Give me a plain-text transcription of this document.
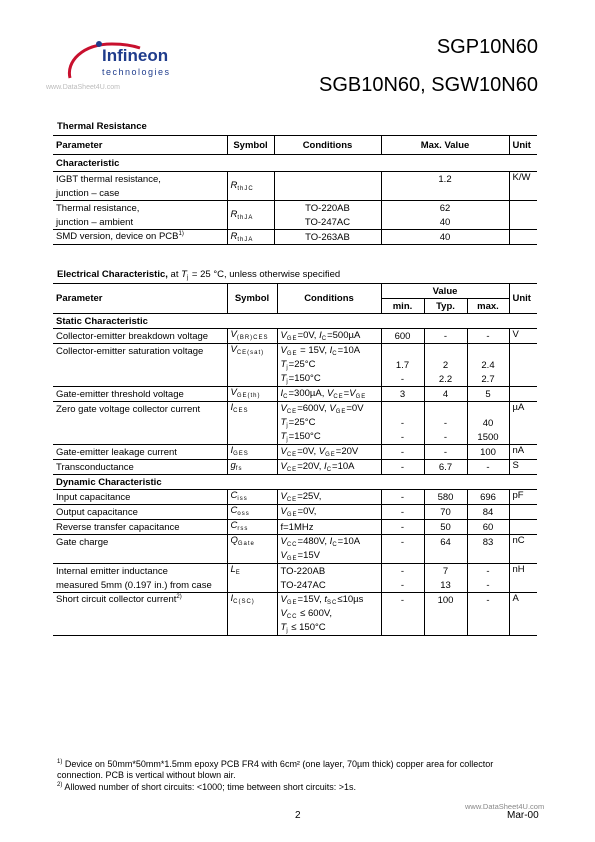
Infineon
technologies
www.DataSheet4U.com
SGP10N60
SGB10N60, SGW10N60
Thermal Resistance
Parameter	Symbol	Conditions	Max. Value	Unit
Characteristic				
IGBT thermal resistance,	$R_{thJC}$		1.2	K/W
junction – case				
Thermal resistance,	$R_{thJA}$	TO-220AB	62	
junction – ambient		TO-247AC	40	
SMD version, device on PCB$^{1)}$	$R_{thJA}$	TO-263AB	40	
Electrical Characteristic, at $T_j = 25$ °C, unless otherwise specified
Parameter	Symbol	Conditions	Value			Unit
			min.	Typ.	max.	
Static Characteristic						
Collector-emitter breakdown voltage	$V_{(BR)CES}$	$V_{GE}=0V$, $I_C=500\mu A$	600	-	-	V
Collector-emitter saturation voltage	$V_{CE(sat)}$	$V_{GE} = 15V$, $I_C=10A$				
		$T_j=25^\circ C$	1.7	2	2.4	
		$T_j=150^\circ C$	-	2.2	2.7	
Gate-emitter threshold voltage	$V_{GE(th)}$	$I_C=300\mu A$, $V_{CE}=V_{GE}$	3	4	5	
Zero gate voltage collector current	$I_{CES}$	$V_{CE}=600V$, $V_{GE}=0V$				µA
		$T_j=25^\circ C$	-	-	40	
		$T_j=150^\circ C$	-	-	1500	
Gate-emitter leakage current	$I_{GES}$	$V_{CE}=0V$, $V_{GE}=20V$	-	-	100	nA
Transconductance	$g_{fs}$	$V_{CE}=20V$, $I_C=10A$	-	6.7	-	S
Dynamic Characteristic						
Input capacitance	$C_{iss}$	$V_{CE}=25V$,	-	580	696	pF
Output capacitance	$C_{oss}$	$V_{GE}=0V$,	-	70	84	
Reverse transfer capacitance	$C_{rss}$	f=1MHz	-	50	60	
Gate charge	$Q_{Gate}$	$V_{CC}=480V$, $I_C=10A$	-	64	83	nC
		$V_{GE}=15V$				
Internal emitter inductance	$L_E$	TO-220AB	-	7	-	nH
measured 5mm (0.197 in.) from case		TO-247AC	-	13	-	
Short circuit collector current$^{2)}$	$I_{C(SC)}$	$V_{GE}=15V$, $t_{SC}\le 10\mu s$	-	100	-	A
		$V_{CC} \le 600V$,				
		$T_j \le 150^\circ C$				
$^{1)}$ Device on 50mm*50mm*1.5mm epoxy PCB FR4 with 6cm² (one layer, 70µm thick) copper area for collector connection. PCB is vertical without blown air.
$^{2)}$ Allowed number of short circuits: <1000; time between short circuits: >1s.
www.DataSheet4U.com
2	Mar-00
